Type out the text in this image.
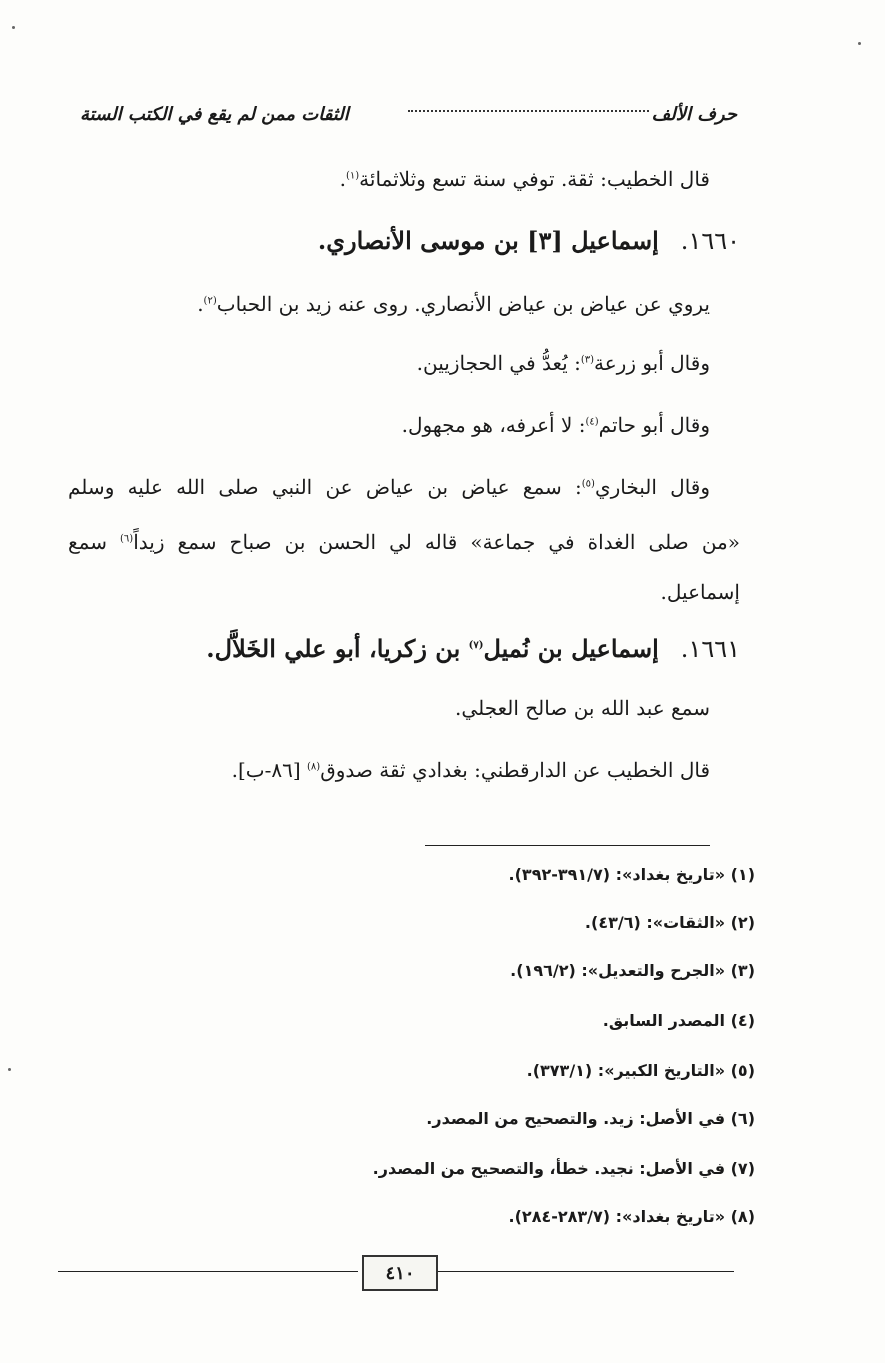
حرف الألف
الثقات ممن لم يقع في الكتب الستة
قال الخطيب: ثقة. توفي سنة تسع وثلاثمائة$^{(١)}$.
١٦٦٠.إسماعيل [٣] بن موسى الأنصاري.
يروي عن عياض بن عياض الأنصاري. روى عنه زيد بن الحباب$^{(٢)}$.
وقال أبو زرعة$^{(٣)}$: يُعدُّ في الحجازيين.
وقال أبو حاتم$^{(٤)}$: لا أعرفه، هو مجهول.
وقال البخاري$^{(٥)}$: سمع عياض بن عياض عن النبي صلى الله عليه وسلم
«من صلى الغداة في جماعة» قاله لي الحسن بن صباح سمع زيداً$^{(٦)}$ سمع
إسماعيل.
١٦٦١.إسماعيل بن نُميل$^{(٧)}$ بن زكريا، أبو علي الخَلاَّل.
سمع عبد الله بن صالح العجلي.
قال الخطيب عن الدارقطني: بغدادي ثقة صدوق$^{(٨)}$ [٨٦-ب].
(١) «تاريخ بغداد»: (٣٩١/٧-٣٩٢).
(٢) «الثقات»: (٤٣/٦).
(٣) «الجرح والتعديل»: (١٩٦/٢).
(٤) المصدر السابق.
(٥) «التاريخ الكبير»: (٣٧٣/١).
(٦) في الأصل: زيد. والتصحيح من المصدر.
(٧) في الأصل: نجيد. خطأ، والتصحيح من المصدر.
(٨) «تاريخ بغداد»: (٢٨٣/٧-٢٨٤).
٤١٠
